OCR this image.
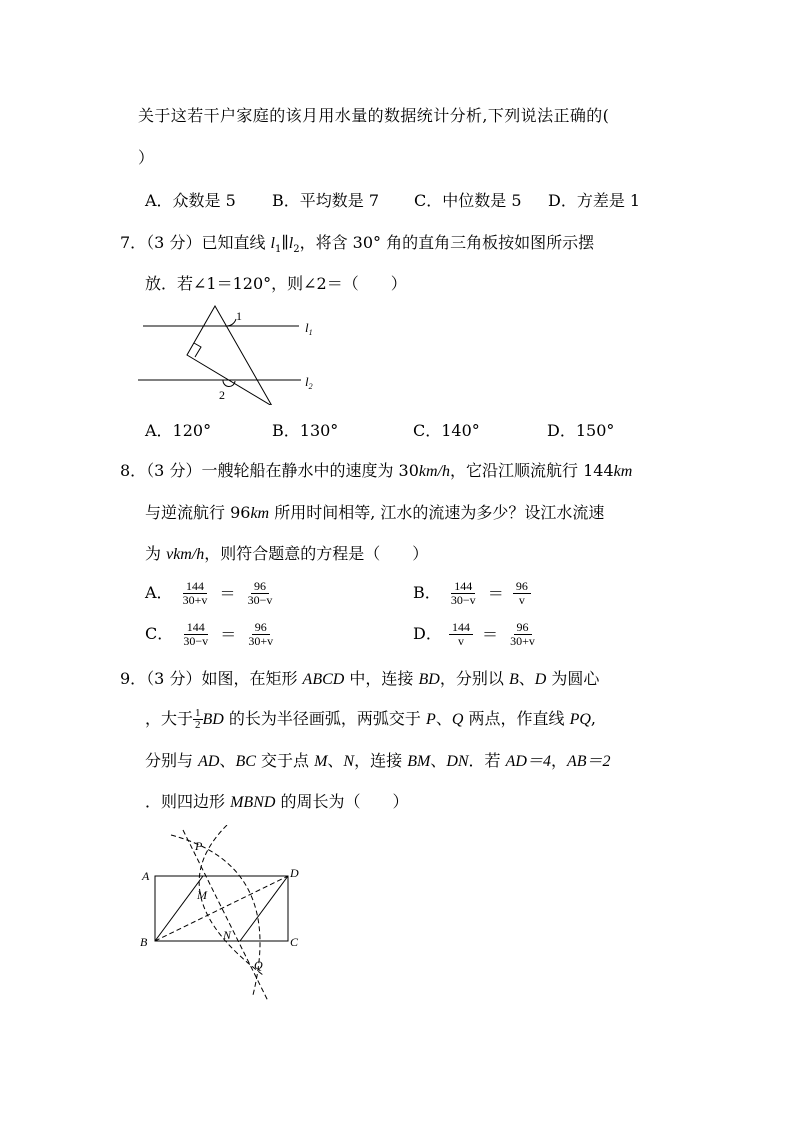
关于这若干户家庭的该月用水量的数据统计分析,下列说法正确的(
）
A．众数是 5 B．平均数是 7 C．中位数是 5 D．方差是 1
7．（3 分）已知直线 $l_1\parallel l_2$，将含 30° 角的直角三角板按如图所示摆
放．若∠1＝120°，则∠2＝（　　）
1
2
$l_1$
$l_2$
A．120°	B．130°	C．140°	D．150°
8．（3 分）一艘轮船在静水中的速度为 30km/h，它沿江顺流航行 144km
与逆流航行 96km 所用时间相等, 江水的流速为多少？设江水流速
为 vkm/h，则符合题意的方程是（　　）
A． $\frac{144}{30+v} = \frac{96}{30-v}$	B． $\frac{144}{30-v} = \frac{96}{v}$
C． $\frac{144}{30-v} = \frac{96}{30+v}$	D． $\frac{144}{v} = \frac{96}{30+v}$
9．（3 分）如图，在矩形 ABCD 中，连接 BD，分别以 B、D 为圆心
，大于 $\frac{1}{2}$ BD 的长为半径画弧，两弧交于 P、Q 两点，作直线 PQ,
分别与 AD、BC 交于点 M、N，连接 BM、DN．若 AD＝4，AB＝2
．则四边形 MBND 的周长为（　　）
P
A	D
M
B	N	C
Q
